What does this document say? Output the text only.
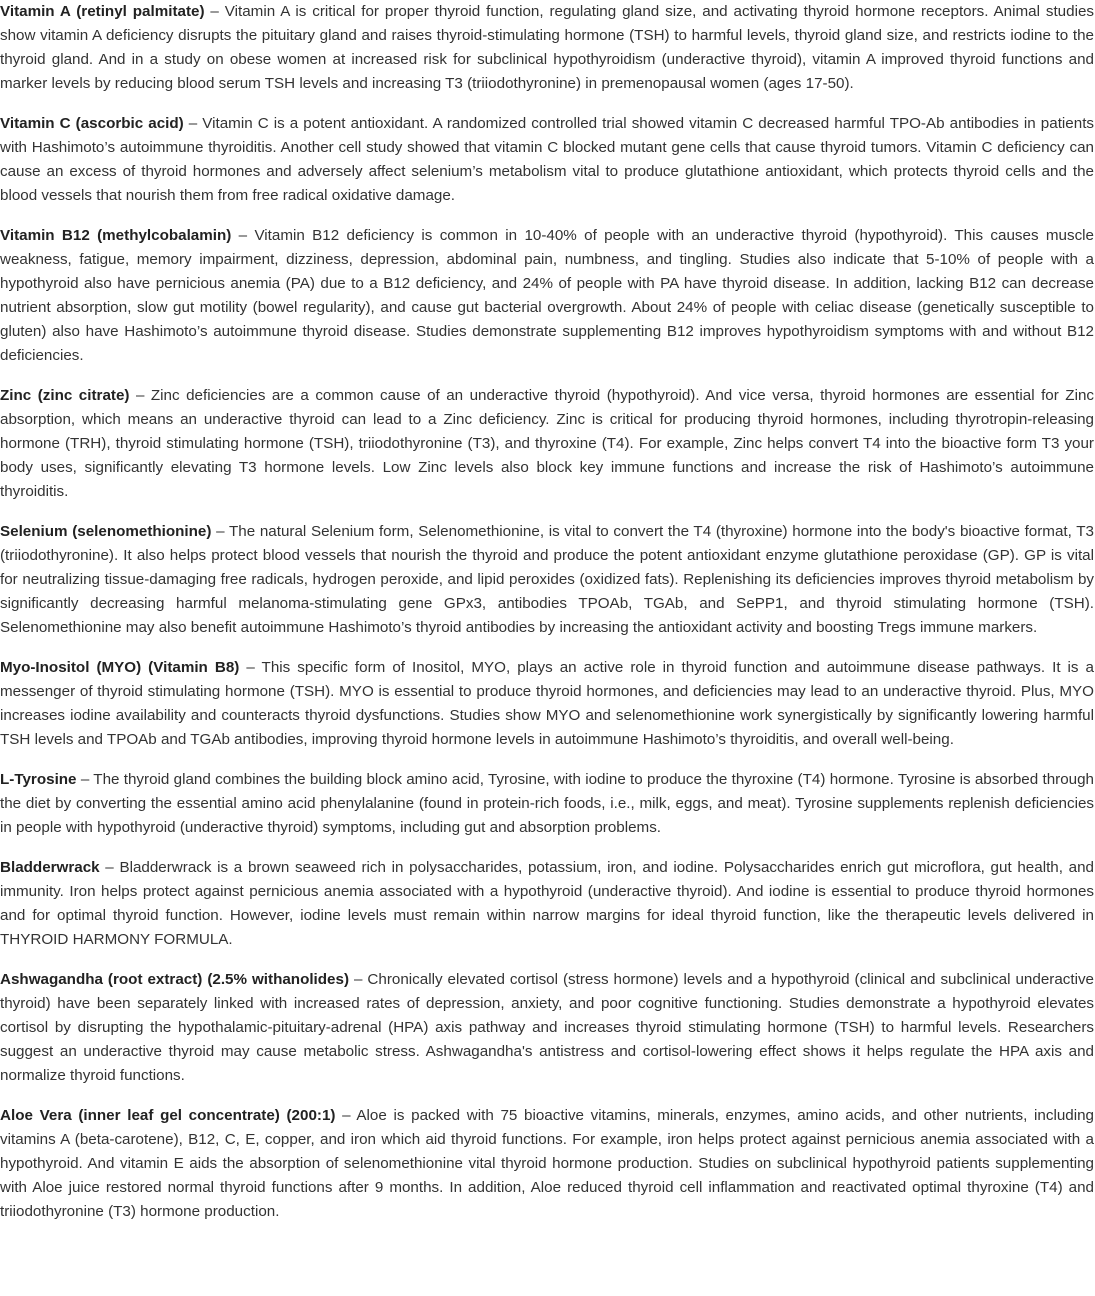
Vitamin A (retinyl palmitate) – Vitamin A is critical for proper thyroid function, regulating gland size, and activating thyroid hormone receptors. Animal studies show vitamin A deficiency disrupts the pituitary gland and raises thyroid-stimulating hormone (TSH) to harmful levels, thyroid gland size, and restricts iodine to the thyroid gland. And in a study on obese women at increased risk for subclinical hypothyroidism (underactive thyroid), vitamin A improved thyroid functions and marker levels by reducing blood serum TSH levels and increasing T3 (triiodothyronine) in premenopausal women (ages 17-50).

Vitamin C (ascorbic acid) – Vitamin C is a potent antioxidant. A randomized controlled trial showed vitamin C decreased harmful TPO-Ab antibodies in patients with Hashimoto’s autoimmune thyroiditis. Another cell study showed that vitamin C blocked mutant gene cells that cause thyroid tumors. Vitamin C deficiency can cause an excess of thyroid hormones and adversely affect selenium’s metabolism vital to produce glutathione antioxidant, which protects thyroid cells and the blood vessels that nourish them from free radical oxidative damage.

Vitamin B12 (methylcobalamin) – Vitamin B12 deficiency is common in 10-40% of people with an underactive thyroid (hypothyroid). This causes muscle weakness, fatigue, memory impairment, dizziness, depression, abdominal pain, numbness, and tingling. Studies also indicate that 5-10% of people with a hypothyroid also have pernicious anemia (PA) due to a B12 deficiency, and 24% of people with PA have thyroid disease. In addition, lacking B12 can decrease nutrient absorption, slow gut motility (bowel regularity), and cause gut bacterial overgrowth. About 24% of people with celiac disease (genetically susceptible to gluten) also have Hashimoto’s autoimmune thyroid disease. Studies demonstrate supplementing B12 improves hypothyroidism symptoms with and without B12 deficiencies.

Zinc (zinc citrate) – Zinc deficiencies are a common cause of an underactive thyroid (hypothyroid). And vice versa, thyroid hormones are essential for Zinc absorption, which means an underactive thyroid can lead to a Zinc deficiency. Zinc is critical for producing thyroid hormones, including thyrotropin-releasing hormone (TRH), thyroid stimulating hormone (TSH), triiodothyronine (T3), and thyroxine (T4). For example, Zinc helps convert T4 into the bioactive form T3 your body uses, significantly elevating T3 hormone levels. Low Zinc levels also block key immune functions and increase the risk of Hashimoto’s autoimmune thyroiditis.

Selenium (selenomethionine) – The natural Selenium form, Selenomethionine, is vital to convert the T4 (thyroxine) hormone into the body's bioactive format, T3 (triiodothyronine). It also helps protect blood vessels that nourish the thyroid and produce the potent antioxidant enzyme glutathione peroxidase (GP). GP is vital for neutralizing tissue-damaging free radicals, hydrogen peroxide, and lipid peroxides (oxidized fats). Replenishing its deficiencies improves thyroid metabolism by significantly decreasing harmful melanoma-stimulating gene GPx3, antibodies TPOAb, TGAb, and SePP1, and thyroid stimulating hormone (TSH). Selenomethionine may also benefit autoimmune Hashimoto’s thyroid antibodies by increasing the antioxidant activity and boosting Tregs immune markers.

Myo-Inositol (MYO) (Vitamin B8) – This specific form of Inositol, MYO, plays an active role in thyroid function and autoimmune disease pathways. It is a messenger of thyroid stimulating hormone (TSH). MYO is essential to produce thyroid hormones, and deficiencies may lead to an underactive thyroid. Plus, MYO increases iodine availability and counteracts thyroid dysfunctions. Studies show MYO and selenomethionine work synergistically by significantly lowering harmful TSH levels and TPOAb and TGAb antibodies, improving thyroid hormone levels in autoimmune Hashimoto’s thyroiditis, and overall well-being.

L-Tyrosine – The thyroid gland combines the building block amino acid, Tyrosine, with iodine to produce the thyroxine (T4) hormone. Tyrosine is absorbed through the diet by converting the essential amino acid phenylalanine (found in protein-rich foods, i.e., milk, eggs, and meat). Tyrosine supplements replenish deficiencies in people with hypothyroid (underactive thyroid) symptoms, including gut and absorption problems.

Bladderwrack – Bladderwrack is a brown seaweed rich in polysaccharides, potassium, iron, and iodine. Polysaccharides enrich gut microflora, gut health, and immunity. Iron helps protect against pernicious anemia associated with a hypothyroid (underactive thyroid). And iodine is essential to produce thyroid hormones and for optimal thyroid function. However, iodine levels must remain within narrow margins for ideal thyroid function, like the therapeutic levels delivered in THYROID HARMONY FORMULA.

Ashwagandha (root extract) (2.5% withanolides) – Chronically elevated cortisol (stress hormone) levels and a hypothyroid (clinical and subclinical underactive thyroid) have been separately linked with increased rates of depression, anxiety, and poor cognitive functioning. Studies demonstrate a hypothyroid elevates cortisol by disrupting the hypothalamic-pituitary-adrenal (HPA) axis pathway and increases thyroid stimulating hormone (TSH) to harmful levels. Researchers suggest an underactive thyroid may cause metabolic stress. Ashwagandha's antistress and cortisol-lowering effect shows it helps regulate the HPA axis and normalize thyroid functions.

Aloe Vera (inner leaf gel concentrate) (200:1) – Aloe is packed with 75 bioactive vitamins, minerals, enzymes, amino acids, and other nutrients, including vitamins A (beta-carotene), B12, C, E, copper, and iron which aid thyroid functions. For example, iron helps protect against pernicious anemia associated with a hypothyroid. And vitamin E aids the absorption of selenomethionine vital thyroid hormone production. Studies on subclinical hypothyroid patients supplementing with Aloe juice restored normal thyroid functions after 9 months. In addition, Aloe reduced thyroid cell inflammation and reactivated optimal thyroxine (T4) and triiodothyronine (T3) hormone production.
